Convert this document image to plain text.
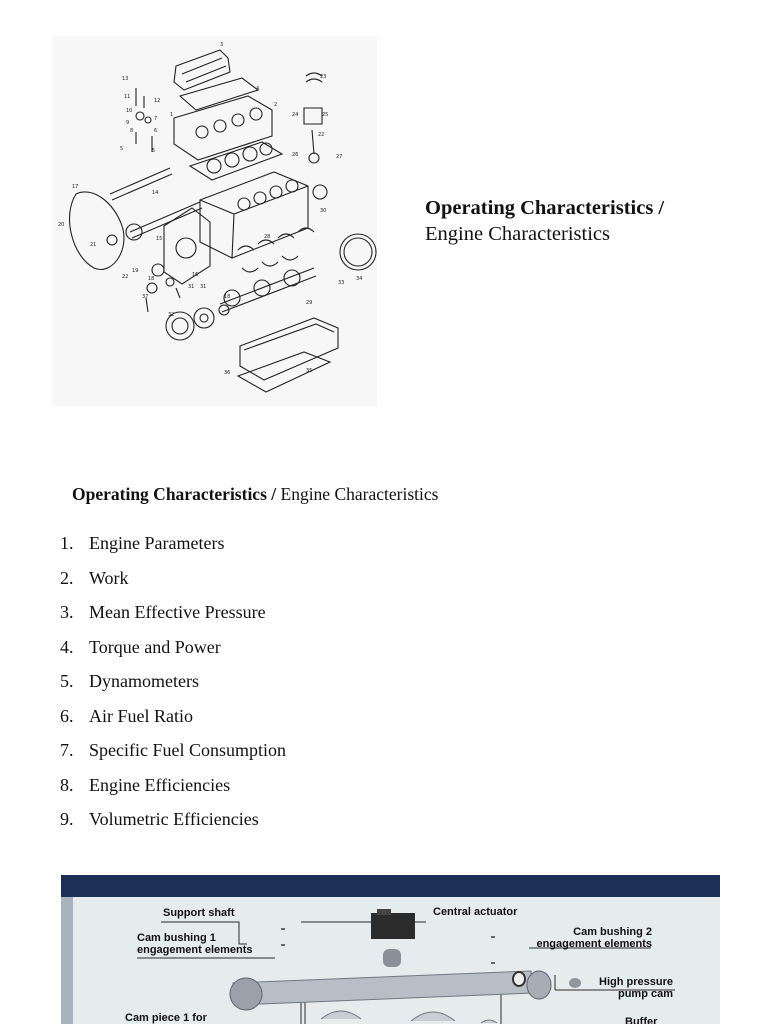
3
4
2
1
23
24	25
22
26	27
13
11
12
10
9
8
7
6
5	5
17
14
20
21
22
19
18
15
16
31
28
30
29
33
34
18
31
32
36	35
37
Operating Characteristics /
Engine Characteristics
Operating Characteristics / Engine Characteristics
1. Engine Parameters
2. Work
3. Mean Effective Pressure
4. Torque and Power
5. Dynamometers
6. Air Fuel Ratio
7. Specific Fuel Consumption
8. Engine Efficiencies
9. Volumetric Efficiencies
Support shaft	Central actuator
Cam bushing 1
engagement elements
Cam bushing 2
engagement elements
High pressure
pump cam
Cam piece 1 for	Buffer
